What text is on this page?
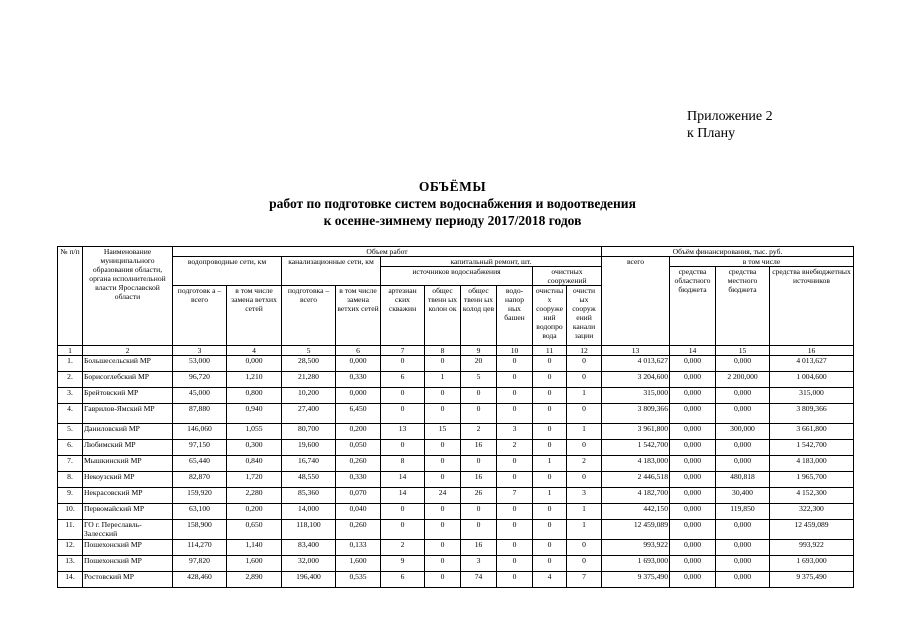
Приложение 2
к Плану
ОБЪЁМЫ
работ по подготовке систем водоснабжения и водоотведения
к осенне-зимнему периоду 2017/2018 годов
№ п/п	Наименование муниципального образования области, органа исполнительной власти Ярославской области	Объем работ										Объём финансирования, тыс. руб.			
		водопроводные сети, км		канализационные сети, км		капитальный ремонт, шт.						всего	в том числе		
						источников водоснабжения				очистных сооружений			средства областного бюджета	средства местного бюджета	средства внебюджетных источников
		подготовк а – всего	в том числе замена ветхих сетей	подготовка – всего	в том числе замена ветхих сетей	артезиан ских скважин	общес твенн ых колон ок	общес твенн ых колод цев	водо- напор ных башен	очистны х сооруже ний водопро вода	очисти ых сооруж ений канали зации				
1	2	3	4	5	6	7	8	9	10	11	12	13	14	15	16
1.	Большесельский МР	53,000	0,000	28,500	0,000	0	0	20	0	0	0	4 013,627	0,000	0,000	4 013,627
2.	Борисоглебский МР	96,720	1,210	21,280	0,330	6	1	5	0	0	0	3 204,600	0,000	2 200,000	1 004,600
3.	Брейтовский МР	45,000	0,800	10,200	0,000	0	0	0	0	0	1	315,000	0,000	0,000	315,000
4.	Гаврилов-Ямский МР	87,880	0,940	27,400	6,450	0	0	0	0	0	0	3 809,366	0,000	0,000	3 809,366
5.	Даниловский МР	146,060	1,055	80,700	0,200	13	15	2	3	0	1	3 961,800	0,000	300,000	3 661,800
6.	Любимский МР	97,150	0,300	19,600	0,050	0	0	16	2	0	0	1 542,700	0,000	0,000	1 542,700
7.	Мышкинский МР	65,440	0,840	16,740	0,260	8	0	0	0	1	2	4 183,000	0,000	0,000	4 183,000
8.	Некоузский МР	82,870	1,720	48,550	0,330	14	0	16	0	0	0	2 446,518	0,000	480,818	1 965,700
9.	Некрасовский МР	159,920	2,280	85,360	0,070	14	24	26	7	1	3	4 182,700	0,000	30,400	4 152,300
10.	Первомайский МР	63,100	0,200	14,000	0,040	0	0	0	0	0	1	442,150	0,000	119,850	322,300
11.	ГО г. Переславль-Залесский	158,900	0,650	118,100	0,260	0	0	0	0	0	1	12 459,089	0,000	0,000	12 459,089
12.	Пошехонский МР	114,270	1,140	83,400	0,133	2	0	16	0	0	0	993,922	0,000	0,000	993,922
13.	Пошехонский МР	97,820	1,600	32,000	1,600	9	0	3	0	0	0	1 693,000	0,000	0,000	1 693,000
14.	Ростовский МР	428,460	2,890	196,400	0,535	6	0	74	0	4	7	9 375,490	0,000	0,000	9 375,490
